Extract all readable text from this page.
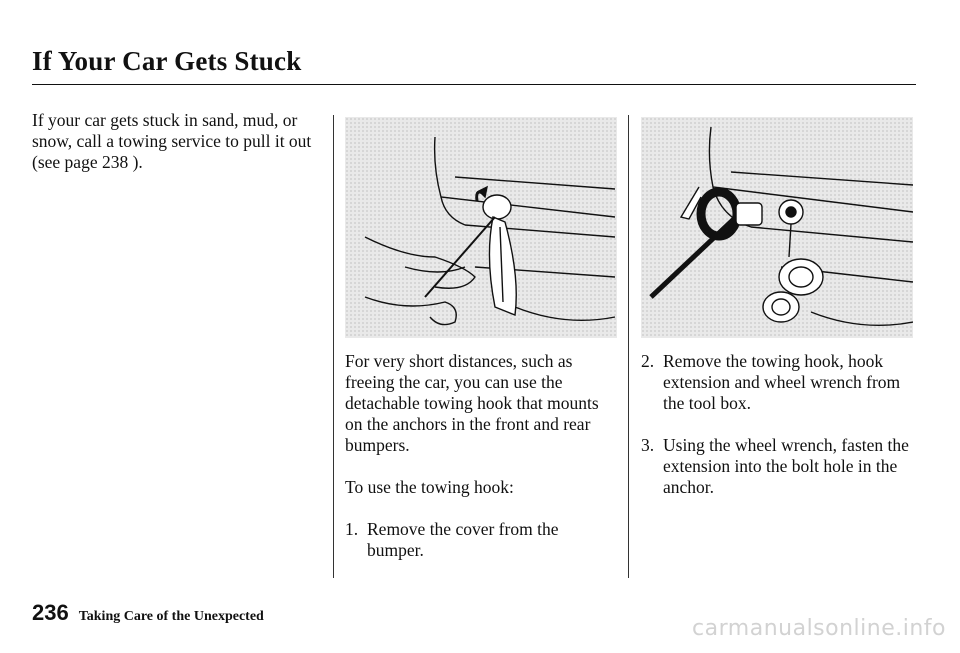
If Your Car Gets Stuck
If your car gets stuck in sand, mud, or snow, call a towing service to pull it out (see page 238 ).
For very short distances, such as freeing the car, you can use the detachable towing hook that mounts on the anchors in the front and rear bumpers.
To use the towing hook:
1. Remove the cover from the bumper.
2. Remove the towing hook, hook extension and wheel wrench from the tool box.
3. Using the wheel wrench, fasten the extension into the bolt hole in the anchor.
236 Taking Care of the Unexpected	carmanualsonline.info
